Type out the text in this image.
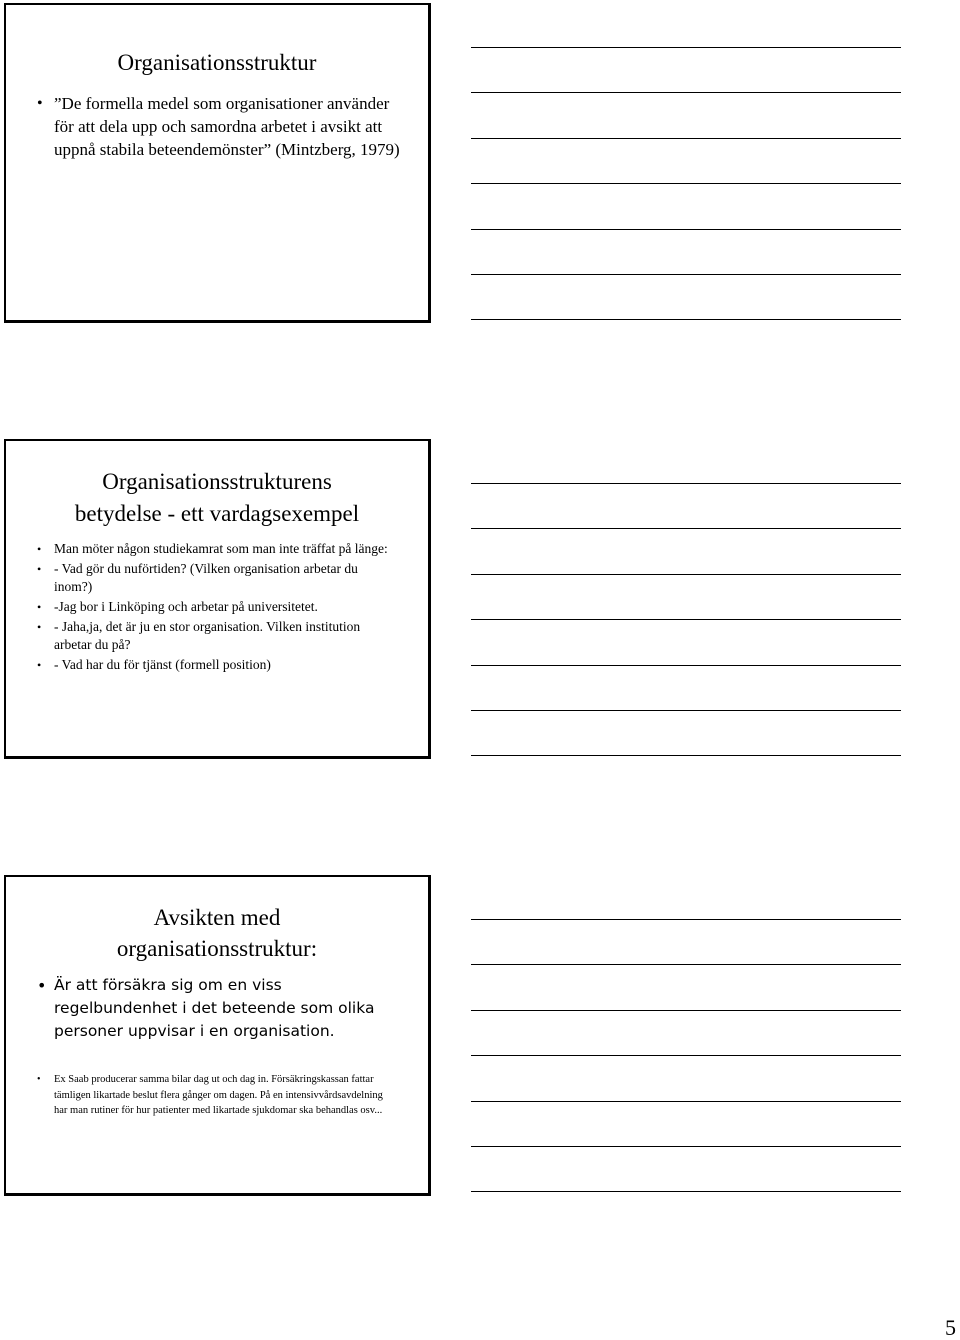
Organisationsstruktur
• ”De formella medel som organisationer använder för att dela upp och samordna arbetet i avsikt att uppnå stabila beteendemönster” (Mintzberg, 1979)
Organisationsstrukturens
betydelse - ett vardagsexempel
• Man möter någon studiekamrat som man inte träffat på länge:
• - Vad gör du nuförtiden? (Vilken organisation arbetar du inom?)
• -Jag bor i Linköping och arbetar på universitetet.
• - Jaha,ja, det är ju en stor organisation. Vilken institution arbetar du på?
• - Vad har du för tjänst (formell position)
Avsikten med
organisationsstruktur:
• Är att försäkra sig om en viss regelbundenhet i det beteende som olika personer uppvisar i en organisation.
• Ex Saab producerar samma bilar dag ut och dag in. Försäkringskassan fattar tämligen likartade beslut flera gånger om dagen. På en intensivvårdsavdelning har man rutiner för hur patienter med likartade sjukdomar ska behandlas osv...
5
